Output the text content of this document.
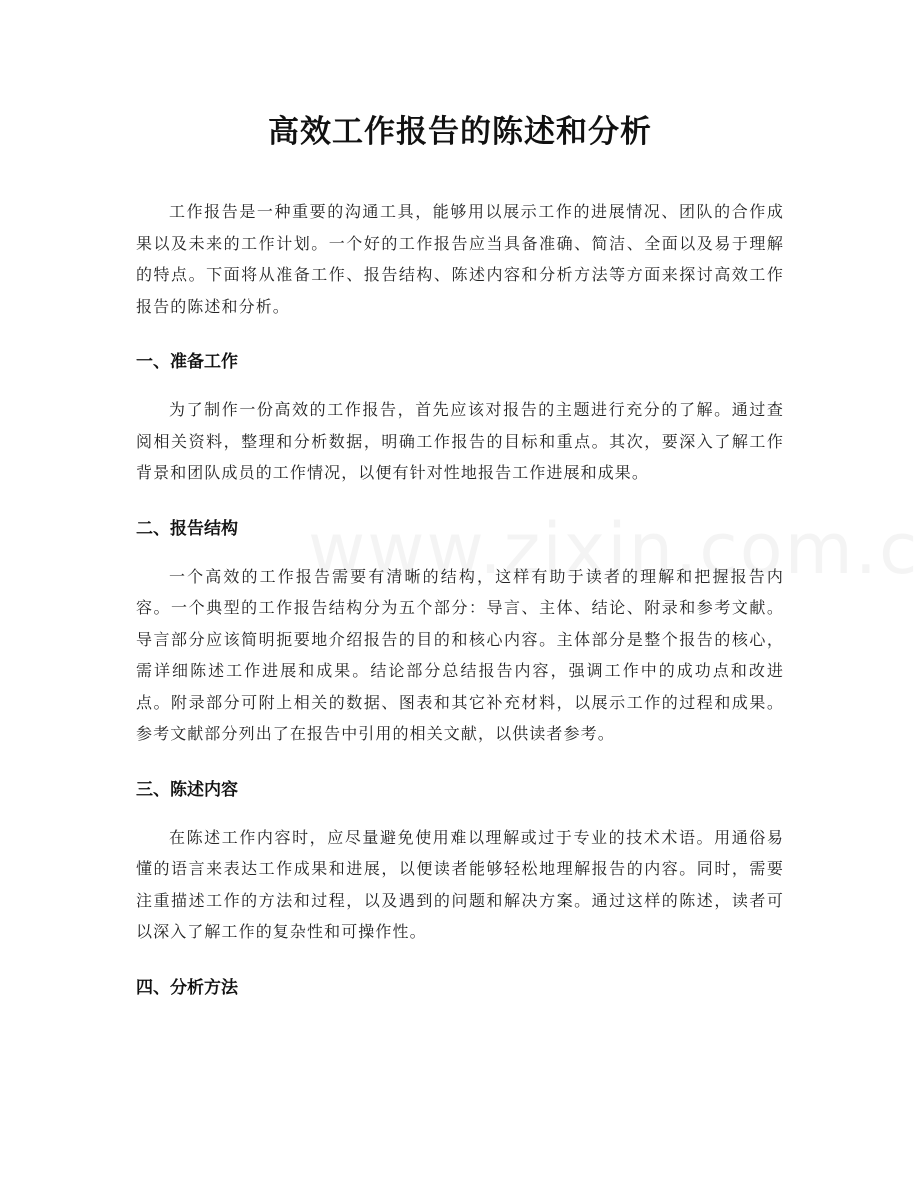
高效工作报告的陈述和分析

工作报告是一种重要的沟通工具，能够用以展示工作的进展情况、团队的合作成果以及未来的工作计划。一个好的工作报告应当具备准确、简洁、全面以及易于理解的特点。下面将从准备工作、报告结构、陈述内容和分析方法等方面来探讨高效工作报告的陈述和分析。

一、准备工作

为了制作一份高效的工作报告，首先应该对报告的主题进行充分的了解。通过查阅相关资料，整理和分析数据，明确工作报告的目标和重点。其次，要深入了解工作背景和团队成员的工作情况，以便有针对性地报告工作进展和成果。

二、报告结构

一个高效的工作报告需要有清晰的结构，这样有助于读者的理解和把握报告内容。一个典型的工作报告结构分为五个部分：导言、主体、结论、附录和参考文献。导言部分应该简明扼要地介绍报告的目的和核心内容。主体部分是整个报告的核心，需详细陈述工作进展和成果。结论部分总结报告内容，强调工作中的成功点和改进点。附录部分可附上相关的数据、图表和其它补充材料，以展示工作的过程和成果。参考文献部分列出了在报告中引用的相关文献，以供读者参考。

三、陈述内容

在陈述工作内容时，应尽量避免使用难以理解或过于专业的技术术语。用通俗易懂的语言来表达工作成果和进展，以便读者能够轻松地理解报告的内容。同时，需要注重描述工作的方法和过程，以及遇到的问题和解决方案。通过这样的陈述，读者可以深入了解工作的复杂性和可操作性。

四、分析方法
